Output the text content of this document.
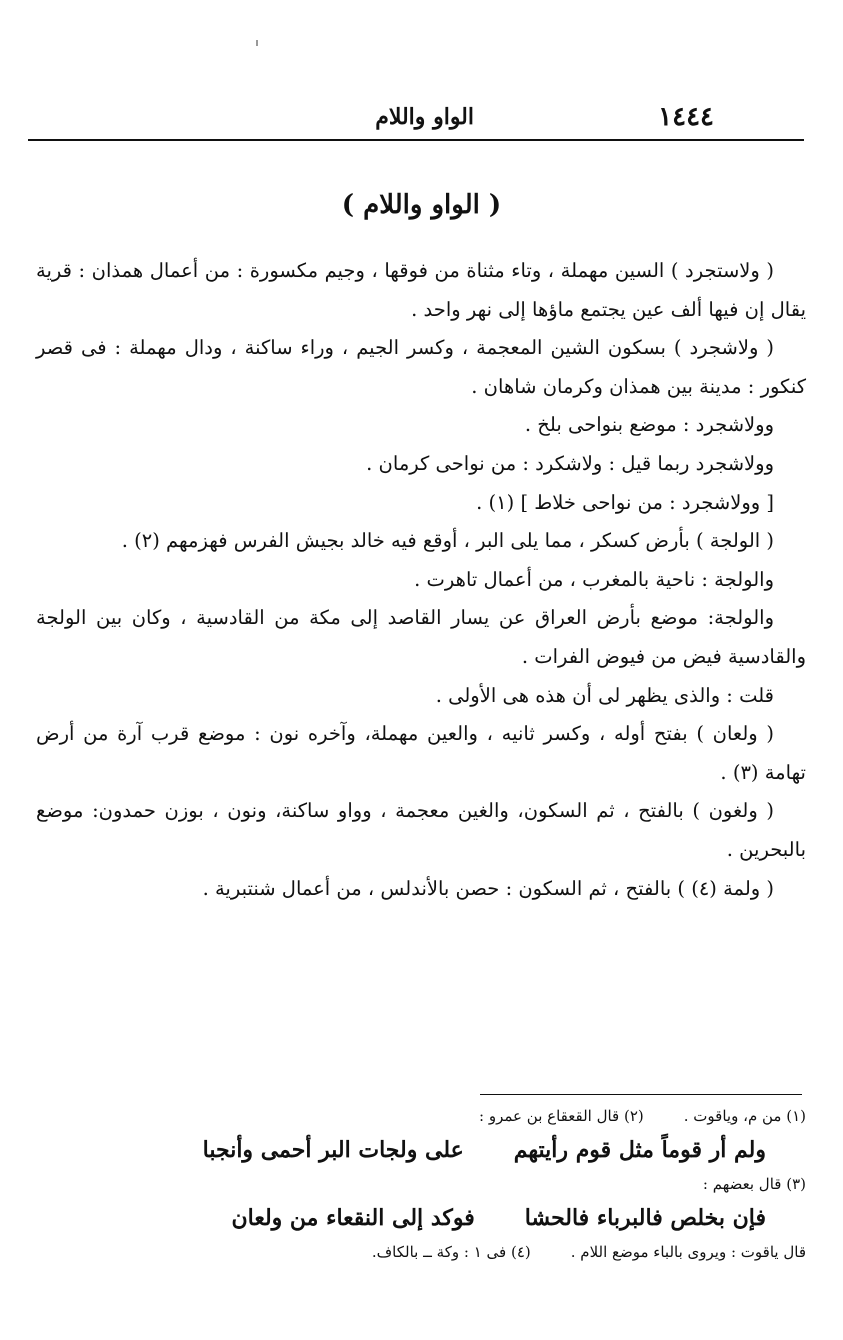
١٤٤٤
الواو واللام
( الواو واللام )

( ولاستجرد ) السين مهملة ، وتاء مثناة من فوقها ، وجيم مكسورة : من أعمال همذان : قرية يقال إن فيها ألف عين يجتمع ماؤها إلى نهر واحد .

( ولاشجرد ) بسكون الشين المعجمة ، وكسر الجيم ، وراء ساكنة ، ودال مهملة : فى قصر كنكور : مدينة بين همذان وكرمان شاهان .

وولاشجرد : موضع بنواحى بلخ .

وولاشجرد ربما قيل : ولاشكرد : من نواحى كرمان .

[ وولاشجرد : من نواحى خلاط ] (١) .

( الولجة ) بأرض كسكر ، مما يلى البر ، أوقع فيه خالد بجيش الفرس فهزمهم (٢) .

والولجة : ناحية بالمغرب ، من أعمال تاهرت .

والولجة: موضع بأرض العراق عن يسار القاصد إلى مكة من القادسية ، وكان بين الولجة والقادسية فيض من فيوض الفرات .

قلت : والذى يظهر لى أن هذه هى الأولى .

( ولعان ) بفتح أوله ، وكسر ثانيه ، والعين مهملة، وآخره نون : موضع قرب آرة من أرض تهامة (٣) .

( ولغون ) بالفتح ، ثم السكون، والغين معجمة ، وواو ساكنة، ونون ، بوزن حمدون: موضع بالبحرين .

( ولمة (٤) ) بالفتح ، ثم السكون : حصن بالأندلس ، من أعمال شنتبرية .

(١) من م، وياقوت .(٢) قال القعقاع بن عمرو :

ولم أر قوماً مثل قوم رأيتهمعلى ولجات البر أحمى وأنجبا

(٣) قال بعضهم :

فإن بخلص فالبرباء فالحشافوكد إلى النقعاء من ولعان

قال ياقوت : ويروى بالباء موضع اللام .(٤) فى ١ : وكة ــ بالكاف.
